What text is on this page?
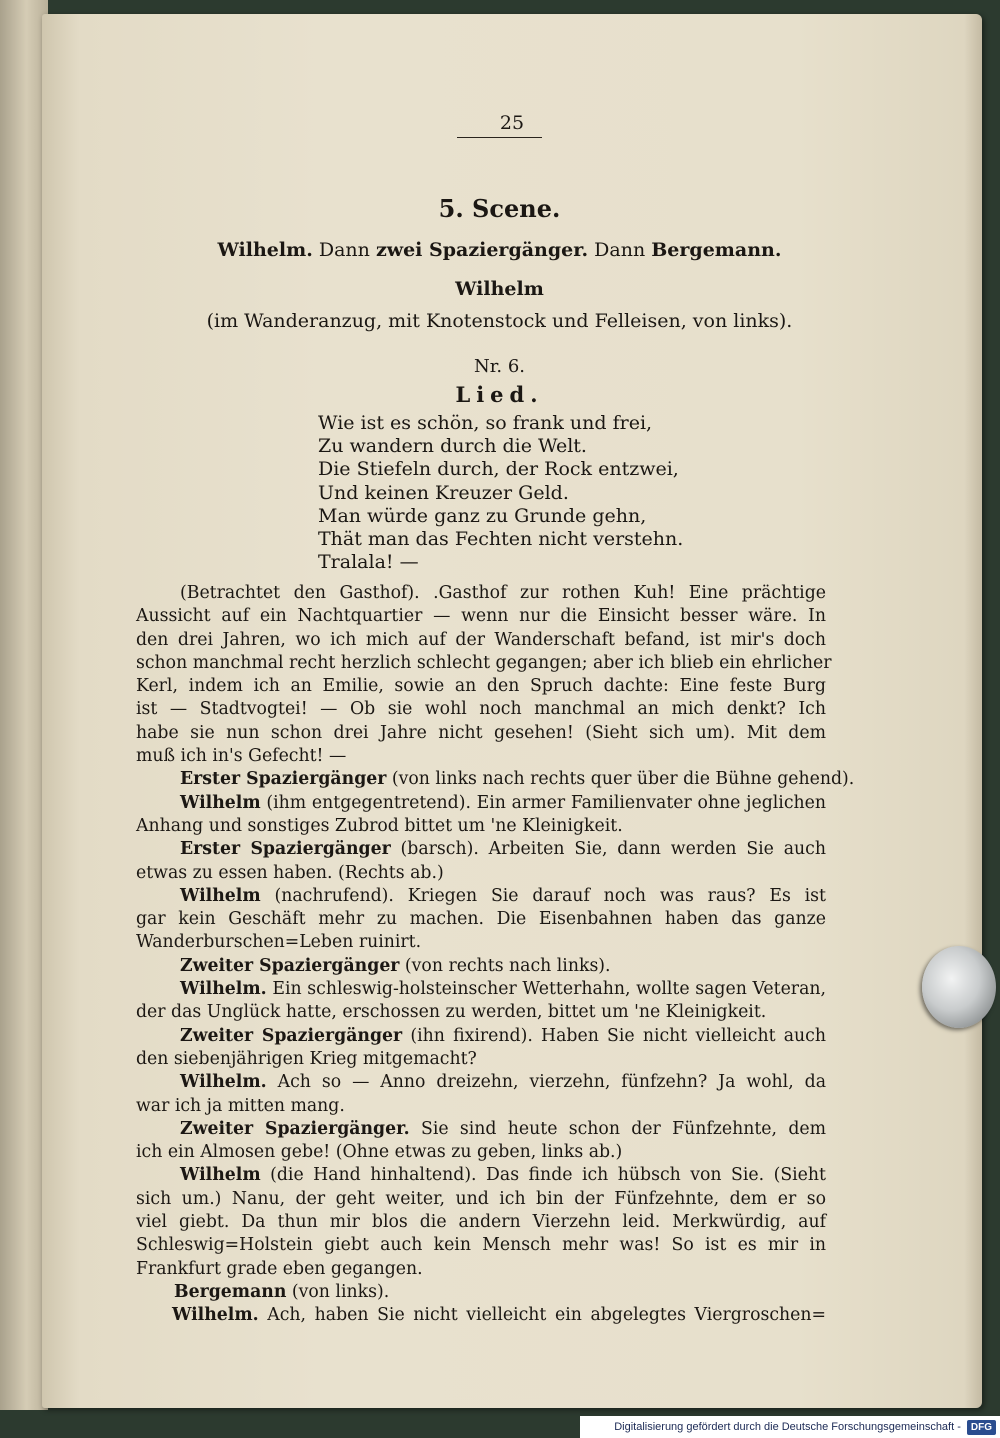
25
5. Scene.
Wilhelm. Dann zwei Spaziergänger. Dann Bergemann.
Wilhelm
(im Wanderanzug, mit Knotenstock und Felleisen, von links).
Nr. 6.
Lied.
Wie ist es schön, so frank und frei,
Zu wandern durch die Welt.
Die Stiefeln durch, der Rock entzwei,
Und keinen Kreuzer Geld.
Man würde ganz zu Grunde gehn,
Thät man das Fechten nicht verstehn.
Tralala! —
(Betrachtet den Gasthof). .Gasthof zur rothen Kuh! Eine prächtige
Aussicht auf ein Nachtquartier — wenn nur die Einsicht besser wäre. In
den drei Jahren, wo ich mich auf der Wanderschaft befand, ist mir's doch
schon manchmal recht herzlich schlecht gegangen; aber ich blieb ein ehrlicher
Kerl, indem ich an Emilie, sowie an den Spruch dachte: Eine feste Burg
ist — Stadtvogtei! — Ob sie wohl noch manchmal an mich denkt? Ich
habe sie nun schon drei Jahre nicht gesehen! (Sieht sich um). Mit dem
muß ich in's Gefecht! —
Erster Spaziergänger (von links nach rechts quer über die Bühne gehend).
Wilhelm (ihm entgegentretend). Ein armer Familienvater ohne jeglichen
Anhang und sonstiges Zubrod bittet um 'ne Kleinigkeit.
Erster Spaziergänger (barsch). Arbeiten Sie, dann werden Sie auch
etwas zu essen haben. (Rechts ab.)
Wilhelm (nachrufend). Kriegen Sie darauf noch was raus? Es ist
gar kein Geschäft mehr zu machen. Die Eisenbahnen haben das ganze
Wanderburschen=Leben ruinirt.
Zweiter Spaziergänger (von rechts nach links).
Wilhelm. Ein schleswig-holsteinscher Wetterhahn, wollte sagen Veteran,
der das Unglück hatte, erschossen zu werden, bittet um 'ne Kleinigkeit.
Zweiter Spaziergänger (ihn fixirend). Haben Sie nicht vielleicht auch
den siebenjährigen Krieg mitgemacht?
Wilhelm. Ach so — Anno dreizehn, vierzehn, fünfzehn? Ja wohl, da
war ich ja mitten mang.
Zweiter Spaziergänger. Sie sind heute schon der Fünfzehnte, dem
ich ein Almosen gebe! (Ohne etwas zu geben, links ab.)
Wilhelm (die Hand hinhaltend). Das finde ich hübsch von Sie. (Sieht
sich um.) Nanu, der geht weiter, und ich bin der Fünfzehnte, dem er so
viel giebt. Da thun mir blos die andern Vierzehn leid. Merkwürdig, auf
Schleswig=Holstein giebt auch kein Mensch mehr was! So ist es mir in
Frankfurt grade eben gegangen.
Bergemann (von links).
Wilhelm. Ach, haben Sie nicht vielleicht ein abgelegtes Viergroschen=
Digitalisierung gefördert durch die Deutsche Forschungsgemeinschaft -	DFG
